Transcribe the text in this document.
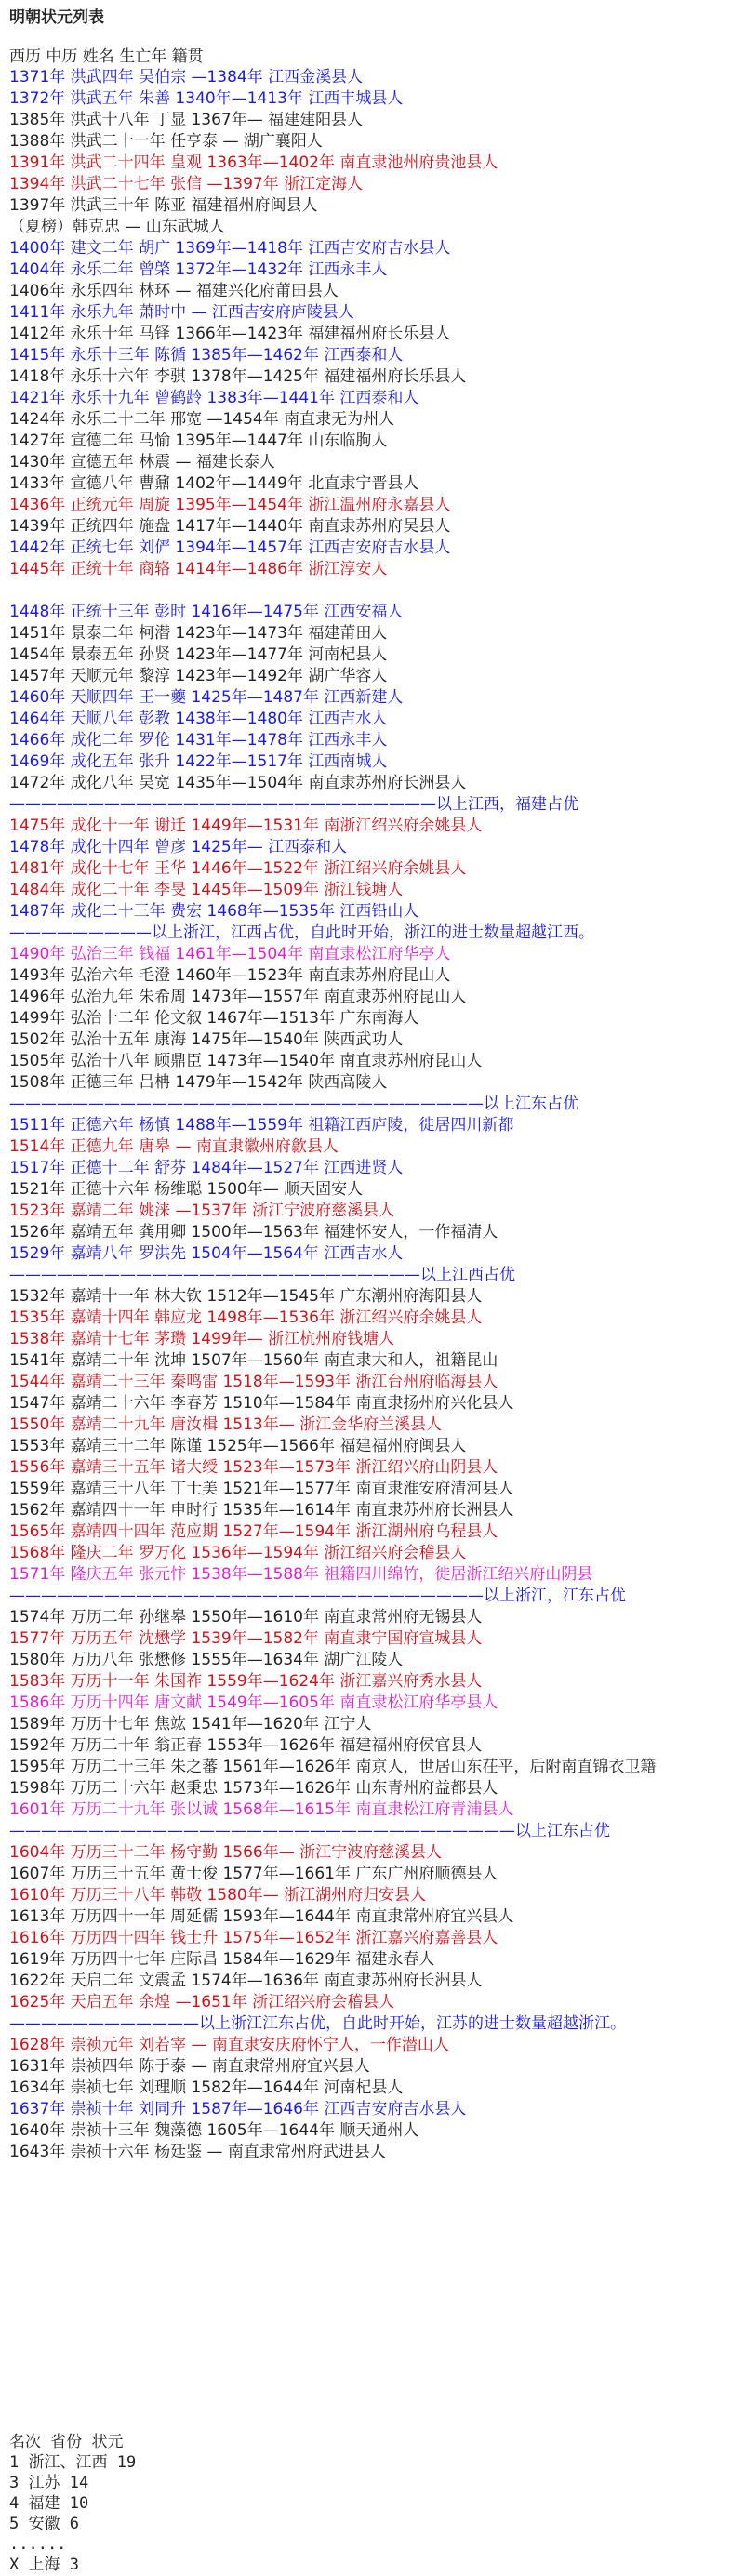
明朝状元列表
西历 中历 姓名 生亡年 籍贯
1371年 洪武四年 吴伯宗 —1384年 江西金溪县人
1372年 洪武五年 朱善 1340年—1413年 江西丰城县人
1385年 洪武十八年 丁显 1367年— 福建建阳县人
1388年 洪武二十一年 任亨泰 — 湖广襄阳人
1391年 洪武二十四年 皇观 1363年—1402年 南直隶池州府贵池县人
1394年 洪武二十七年 张信 —1397年 浙江定海人
1397年 洪武三十年 陈亚 福建福州府闽县人
（夏榜）韩克忠 — 山东武城人
1400年 建文二年 胡广 1369年—1418年 江西吉安府吉水县人
1404年 永乐二年 曾棨 1372年—1432年 江西永丰人
1406年 永乐四年 林环 — 福建兴化府莆田县人
1411年 永乐九年 萧时中 — 江西吉安府庐陵县人
1412年 永乐十年 马铎 1366年—1423年 福建福州府长乐县人
1415年 永乐十三年 陈循 1385年—1462年 江西泰和人
1418年 永乐十六年 李骐 1378年—1425年 福建福州府长乐县人
1421年 永乐十九年 曾鹤龄 1383年—1441年 江西泰和人
1424年 永乐二十二年 邢宽 —1454年 南直隶无为州人
1427年 宣德二年 马愉 1395年—1447年 山东临朐人
1430年 宣德五年 林震 — 福建长泰人
1433年 宣德八年 曹鼐 1402年—1449年 北直隶宁晋县人
1436年 正统元年 周旋 1395年—1454年 浙江温州府永嘉县人
1439年 正统四年 施盘 1417年—1440年 南直隶苏州府吴县人
1442年 正统七年 刘俨 1394年—1457年 江西吉安府吉水县人
1445年 正统十年 商辂 1414年—1486年 浙江淳安人
1448年 正统十三年 彭时 1416年—1475年 江西安福人
1451年 景泰二年 柯潜 1423年—1473年 福建莆田人
1454年 景泰五年 孙贤 1423年—1477年 河南杞县人
1457年 天顺元年 黎淳 1423年—1492年 湖广华容人
1460年 天顺四年 王一夔 1425年—1487年 江西新建人
1464年 天顺八年 彭教 1438年—1480年 江西吉水人
1466年 成化二年 罗伦 1431年—1478年 江西永丰人
1469年 成化五年 张升 1422年—1517年 江西南城人
1472年 成化八年 吴宽 1435年—1504年 南直隶苏州府长洲县人
———————————————————————————以上江西，福建占优
1475年 成化十一年 谢迁 1449年—1531年 南浙江绍兴府余姚县人
1478年 成化十四年 曾彦 1425年— 江西泰和人
1481年 成化十七年 王华 1446年—1522年 浙江绍兴府余姚县人
1484年 成化二十年 李旻 1445年—1509年 浙江钱塘人
1487年 成化二十三年 费宏 1468年—1535年 江西铅山人
—————————以上浙江，江西占优，自此时开始，浙江的进士数量超越江西。
1490年 弘治三年 钱福 1461年—1504年 南直隶松江府华亭人
1493年 弘治六年 毛澄 1460年—1523年 南直隶苏州府昆山人
1496年 弘治九年 朱希周 1473年—1557年 南直隶苏州府昆山人
1499年 弘治十二年 伦文叙 1467年—1513年 广东南海人
1502年 弘治十五年 康海 1475年—1540年 陕西武功人
1505年 弘治十八年 顾鼎臣 1473年—1540年 南直隶苏州府昆山人
1508年 正德三年 吕柟 1479年—1542年 陕西高陵人
——————————————————————————————以上江东占优
1511年 正德六年 杨慎 1488年—1559年 祖籍江西庐陵，徙居四川新都
1514年 正德九年 唐皋 — 南直隶徽州府歙县人
1517年 正德十二年 舒芬 1484年—1527年 江西进贤人
1521年 正德十六年 杨维聪 1500年— 顺天固安人
1523年 嘉靖二年 姚涞 —1537年 浙江宁波府慈溪县人
1526年 嘉靖五年 龚用卿 1500年—1563年 福建怀安人，一作福清人
1529年 嘉靖八年 罗洪先 1504年—1564年 江西吉水人
——————————————————————————以上江西占优
1532年 嘉靖十一年 林大钦 1512年—1545年 广东潮州府海阳县人
1535年 嘉靖十四年 韩应龙 1498年—1536年 浙江绍兴府余姚县人
1538年 嘉靖十七年 茅瓒 1499年— 浙江杭州府钱塘人
1541年 嘉靖二十年 沈坤 1507年—1560年 南直隶大和人，祖籍昆山
1544年 嘉靖二十三年 秦鸣雷 1518年—1593年 浙江台州府临海县人
1547年 嘉靖二十六年 李春芳 1510年—1584年 南直隶扬州府兴化县人
1550年 嘉靖二十九年 唐汝楫 1513年— 浙江金华府兰溪县人
1553年 嘉靖三十二年 陈谨 1525年—1566年 福建福州府闽县人
1556年 嘉靖三十五年 诸大绶 1523年—1573年 浙江绍兴府山阴县人
1559年 嘉靖三十八年 丁士美 1521年—1577年 南直隶淮安府清河县人
1562年 嘉靖四十一年 申时行 1535年—1614年 南直隶苏州府长洲县人
1565年 嘉靖四十四年 范应期 1527年—1594年 浙江湖州府乌程县人
1568年 隆庆二年 罗万化 1536年—1594年 浙江绍兴府会稽县人
1571年 隆庆五年 张元忭 1538年—1588年 祖籍四川绵竹，徙居浙江绍兴府山阴县
——————————————————————————————以上浙江，江东占优
1574年 万历二年 孙继皋 1550年—1610年 南直隶常州府无锡县人
1577年 万历五年 沈懋学 1539年—1582年 南直隶宁国府宣城县人
1580年 万历八年 张懋修 1555年—1634年 湖广江陵人
1583年 万历十一年 朱国祚 1559年—1624年 浙江嘉兴府秀水县人
1586年 万历十四年 唐文献 1549年—1605年 南直隶松江府华亭县人
1589年 万历十七年 焦竑 1541年—1620年 江宁人
1592年 万历二十年 翁正春 1553年—1626年 福建福州府侯官县人
1595年 万历二十三年 朱之蕃 1561年—1626年 南京人，世居山东茌平，后附南直锦衣卫籍
1598年 万历二十六年 赵秉忠 1573年—1626年 山东青州府益都县人
1601年 万历二十九年 张以诚 1568年—1615年 南直隶松江府青浦县人
————————————————————————————————以上江东占优
1604年 万历三十二年 杨守勤 1566年— 浙江宁波府慈溪县人
1607年 万历三十五年 黄士俊 1577年—1661年 广东广州府顺德县人
1610年 万历三十八年 韩敬 1580年— 浙江湖州府归安县人
1613年 万历四十一年 周延儒 1593年—1644年 南直隶常州府宜兴县人
1616年 万历四十四年 钱士升 1575年—1652年 浙江嘉兴府嘉善县人
1619年 万历四十七年 庄际昌 1584年—1629年 福建永春人
1622年 天启二年 文震孟 1574年—1636年 南直隶苏州府长洲县人
1625年 天启五年 余煌 —1651年 浙江绍兴府会稽县人
————————————以上浙江江东占优，自此时开始，江苏的进士数量超越浙江。
1628年 崇祯元年 刘若宰 — 南直隶安庆府怀宁人，一作潜山人
1631年 崇祯四年 陈于泰 — 南直隶常州府宜兴县人
1634年 崇祯七年 刘理顺 1582年—1644年 河南杞县人
1637年 崇祯十年 刘同升 1587年—1646年 江西吉安府吉水县人
1640年 崇祯十三年 魏藻德 1605年—1644年 顺天通州人
1643年 崇祯十六年 杨廷鉴 — 南直隶常州府武进县人
名次 省份 状元
1 浙江、江西 19
3 江苏 14
4 福建 10
5 安徽 6
......
X 上海 3
